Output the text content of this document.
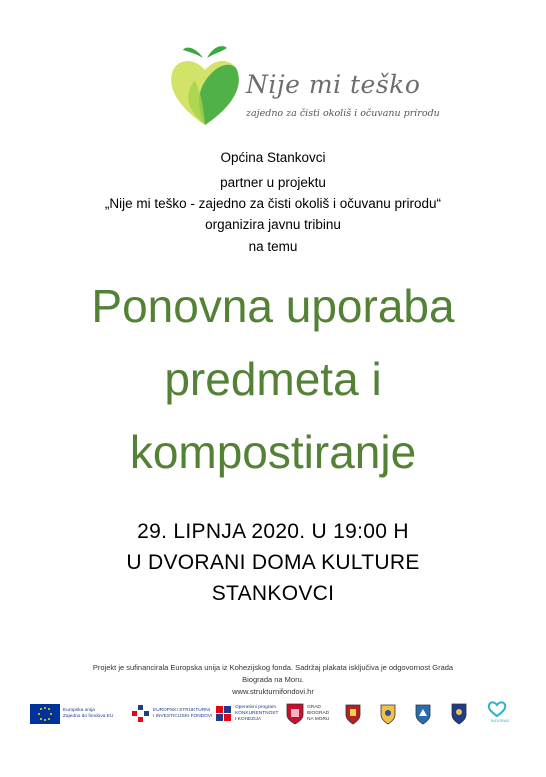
Nije mi teško
zajedno za čisti okoliš i očuvanu prirodu
Općina Stankovci
partner u projektu
„Nije mi teško - zajedno za čisti okoliš i očuvanu prirodu“
organizira javnu tribinu
na temu
Ponovna uporaba
predmeta i
kompostiranje
29. LIPNJA 2020. U 19:00 H
U DVORANI DOMA KULTURE
STANKOVCI
Projekt je sufinancirala Europska unija iz Kohezijskog fonda. Sadržaj plakata isključiva je odgovornost Grada
Biograda na Moru.
www.strukturnifondovi.hr
Europska unija
Zajedno do fondova EU
EUROPSKI STRUKTURNI
I INVESTICIJSKI FONDOVI
Operativni program
KONKURENTNOST
I KOHEZIJA
GRAD
BIOGRAD
NA MORU	BIOGRAD
